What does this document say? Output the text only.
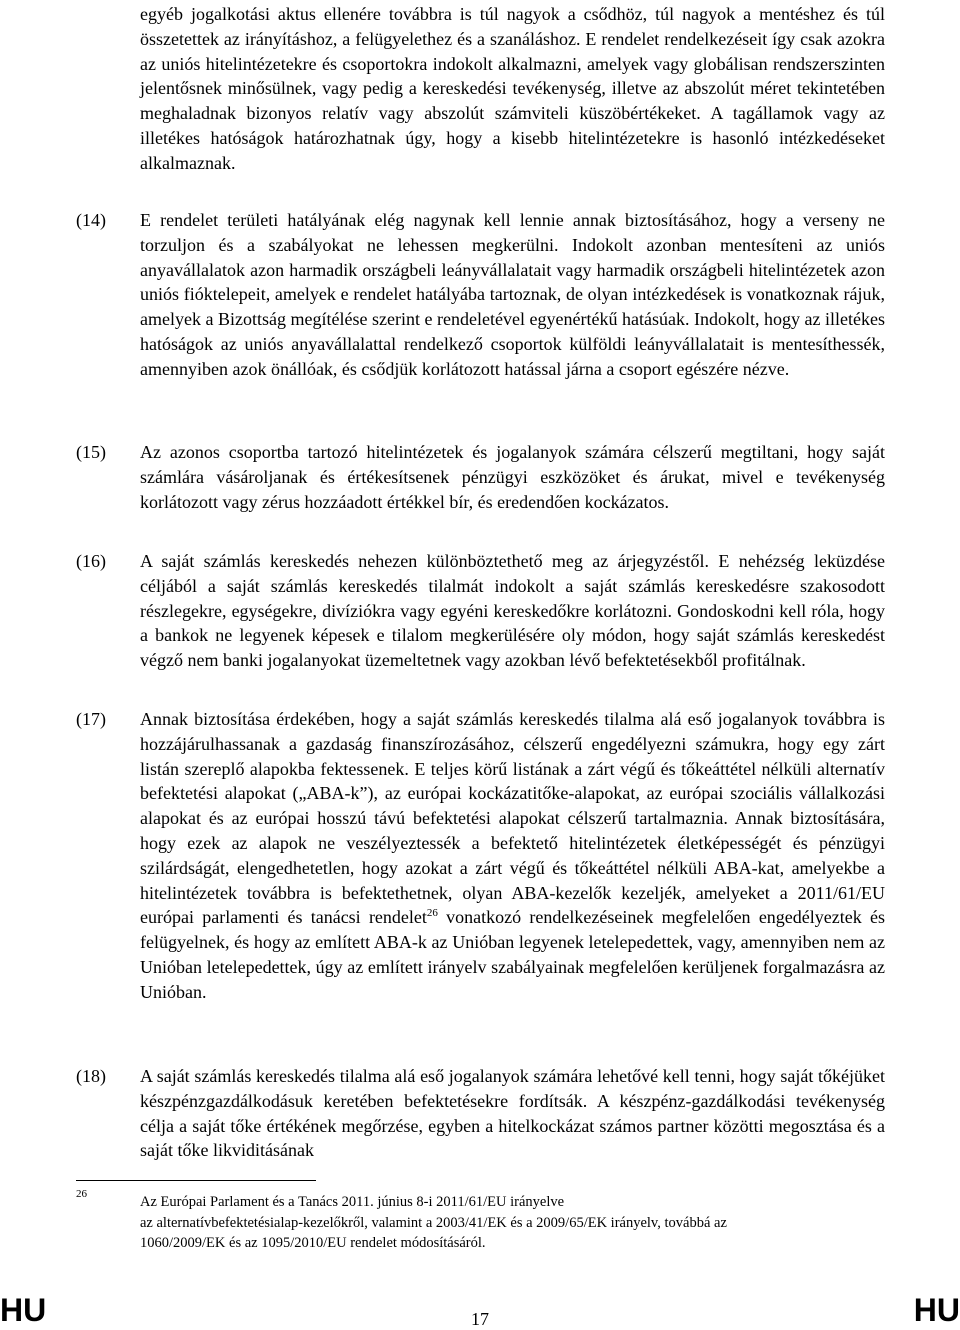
egyéb jogalkotási aktus ellenére továbbra is túl nagyok a csődhöz, túl nagyok a mentéshez és túl összetettek az irányításhoz, a felügyelethez és a szanáláshoz. E rendelet rendelkezéseit így csak azokra az uniós hitelintézetekre és csoportokra indokolt alkalmazni, amelyek vagy globálisan rendszerszinten jelentősnek minősülnek, vagy pedig a kereskedési tevékenység, illetve az abszolút méret tekintetében meghaladnak bizonyos relatív vagy abszolút számviteli küszöbértékeket. A tagállamok vagy az illetékes hatóságok határozhatnak úgy, hogy a kisebb hitelintézetekre is hasonló intézkedéseket alkalmaznak.

(14) E rendelet területi hatályának elég nagynak kell lennie annak biztosításához, hogy a verseny ne torzuljon és a szabályokat ne lehessen megkerülni. Indokolt azonban mentesíteni az uniós anyavállalatok azon harmadik országbeli leányvállalatait vagy harmadik országbeli hitelintézetek azon uniós fióktelepeit, amelyek e rendelet hatályába tartoznak, de olyan intézkedések is vonatkoznak rájuk, amelyek a Bizottság megítélése szerint e rendeletével egyenértékű hatásúak. Indokolt, hogy az illetékes hatóságok az uniós anyavállalattal rendelkező csoportok külföldi leányvállalatait is mentesíthessék, amennyiben azok önállóak, és csődjük korlátozott hatással járna a csoport egészére nézve.
(15) Az azonos csoportba tartozó hitelintézetek és jogalanyok számára célszerű megtiltani, hogy saját számlára vásároljanak és értékesítsenek pénzügyi eszközöket és árukat, mivel e tevékenység korlátozott vagy zérus hozzáadott értékkel bír, és eredendően kockázatos.
(16) A saját számlás kereskedés nehezen különböztethető meg az árjegyzéstől. E nehézség leküzdése céljából a saját számlás kereskedés tilalmát indokolt a saját számlás kereskedésre szakosodott részlegekre, egységekre, divíziókra vagy egyéni kereskedőkre korlátozni. Gondoskodni kell róla, hogy a bankok ne legyenek képesek e tilalom megkerülésére oly módon, hogy saját számlás kereskedést végző nem banki jogalanyokat üzemeltetnek vagy azokban lévő befektetésekből profitálnak.
(17) Annak biztosítása érdekében, hogy a saját számlás kereskedés tilalma alá eső jogalanyok továbbra is hozzájárulhassanak a gazdaság finanszírozásához, célszerű engedélyezni számukra, hogy egy zárt listán szereplő alapokba fektessenek. E teljes körű listának a zárt végű és tőkeáttétel nélküli alternatív befektetési alapokat („ABA-k”), az európai kockázatitőke-alapokat, az európai szociális vállalkozási alapokat és az európai hosszú távú befektetési alapokat célszerű tartalmaznia. Annak biztosítására, hogy ezek az alapok ne veszélyeztessék a befektető hitelintézetek életképességét és pénzügyi szilárdságát, elengedhetetlen, hogy azokat a zárt végű és tőkeáttétel nélküli ABA-kat, amelyekbe a hitelintézetek továbbra is befektethetnek, olyan ABA-kezelők kezeljék, amelyeket a 2011/61/EU európai parlamenti és tanácsi rendelet$^{26}$ vonatkozó rendelkezéseinek megfelelően engedélyeztek és felügyelnek, és hogy az említett ABA-k az Unióban legyenek letelepedettek, vagy, amennyiben nem az Unióban letelepedettek, úgy az említett irányelv szabályainak megfelelően kerüljenek forgalmazásra az Unióban.
(18) A saját számlás kereskedés tilalma alá eső jogalanyok számára lehetővé kell tenni, hogy saját tőkéjüket készpénzgazdálkodásuk keretében befektetésekre fordítsák. A készpénz-gazdálkodási tevékenység célja a saját tőke értékének megőrzése, egyben a hitelkockázat számos partner közötti megosztása és a saját tőke likviditásának
26	Az Európai Parlament és a Tanács 2011. június 8-i 2011/61/EU irányelve
az alternatívbefektetésialap-kezelőkről, valamint a 2003/41/EK és a 2009/65/EK irányelv, továbbá az
1060/2009/EK és az 1095/2010/EU rendelet módosításáról.
HU	17	HU
